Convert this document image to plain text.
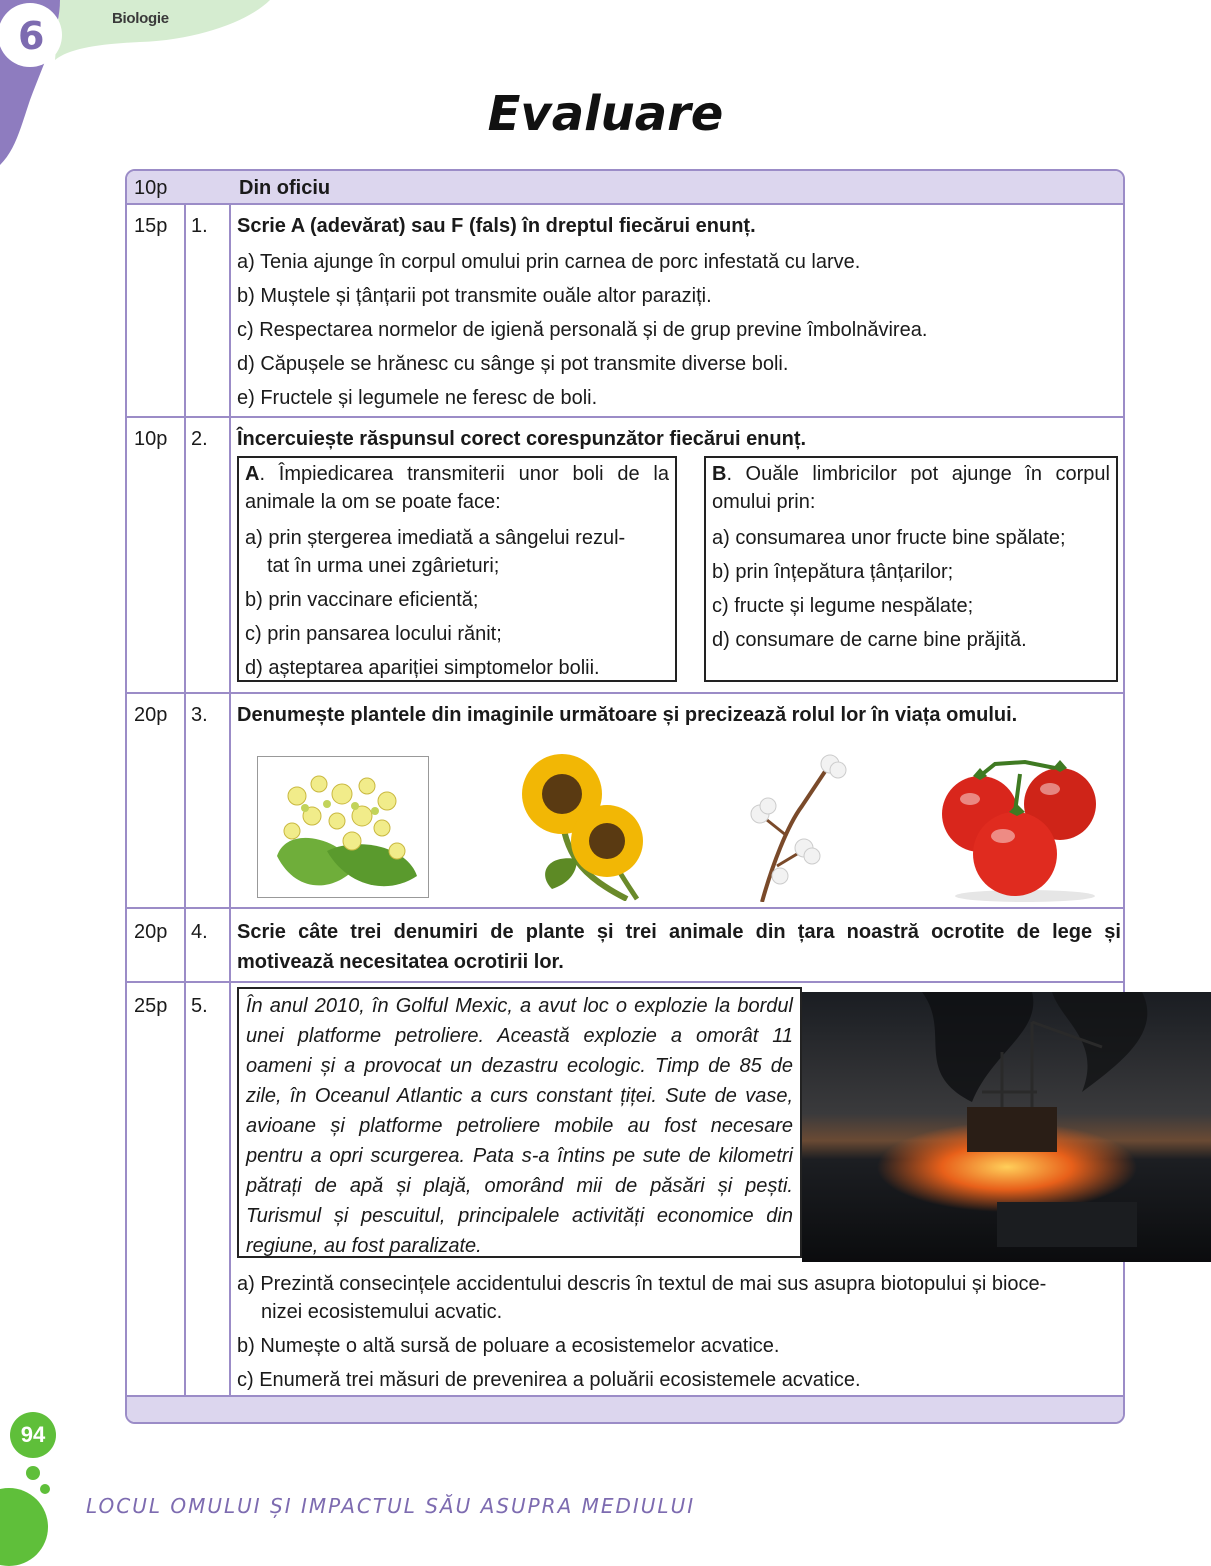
6	Biologie
Evaluare
10p	Din oficiu
15p 1. Scrie A (adevărat) sau F (fals) în dreptul fiecărui enunț.
a) Tenia ajunge în corpul omului prin carnea de porc infestată cu larve.
b) Muștele și țânțarii pot transmite ouăle altor paraziți.
c) Respectarea normelor de igienă personală și de grup previne îmbolnăvirea.
d) Căpușele se hrănesc cu sânge și pot transmite diverse boli.
e) Fructele și legumele ne feresc de boli.
10p 2. Încercuiește răspunsul corect corespunzător fiecărui enunț.
A. Împiedicarea transmiterii unor boli de la animale la om se poate face:
a) prin ștergerea imediată a sângelui rezul-
tat în urma unei zgârieturi;
b) prin vaccinare eficientă;
c) prin pansarea locului rănit;
d) așteptarea apariției simptomelor bolii.
B. Ouăle limbricilor pot ajunge în corpul omului prin:
a) consumarea unor fructe bine spălate;
b) prin înțepătura țânțarilor;
c) fructe și legume nespălate;
d) consumare de carne bine prăjită.
20p 3. Denumește plantele din imaginile următoare și precizează rolul lor în viața omului.
20p 4. Scrie câte trei denumiri de plante și trei animale din țara noastră ocrotite de lege și motivează necesitatea ocrotirii lor.
25p 5.	În anul 2010, în Golful Mexic, a avut loc o explozie la bordul unei platforme petroliere. Această explozie a omorât 11 oameni și a provocat un dezastru ecologic. Timp de 85 de zile, în Oceanul Atlantic a curs constant țiței. Sute de vase, avioane și platforme petroliere mobile au fost necesare pentru a opri scurgerea. Pata s-a întins pe sute de kilometri pătrați de apă și plajă, omorând mii de păsări și pești. Turismul și pescuitul, principalele activități economice din regiune, au fost paralizate.
a) Prezintă consecințele accidentului descris în textul de mai sus asupra biotopului și bioce-
nizei ecosistemului acvatic.
b) Numește o altă sursă de poluare a ecosistemelor acvatice.
c) Enumeră trei măsuri de prevenirea a poluării ecosistemele acvatice.
94
LOCUL OMULUI ȘI IMPACTUL SĂU ASUPRA MEDIULUI
